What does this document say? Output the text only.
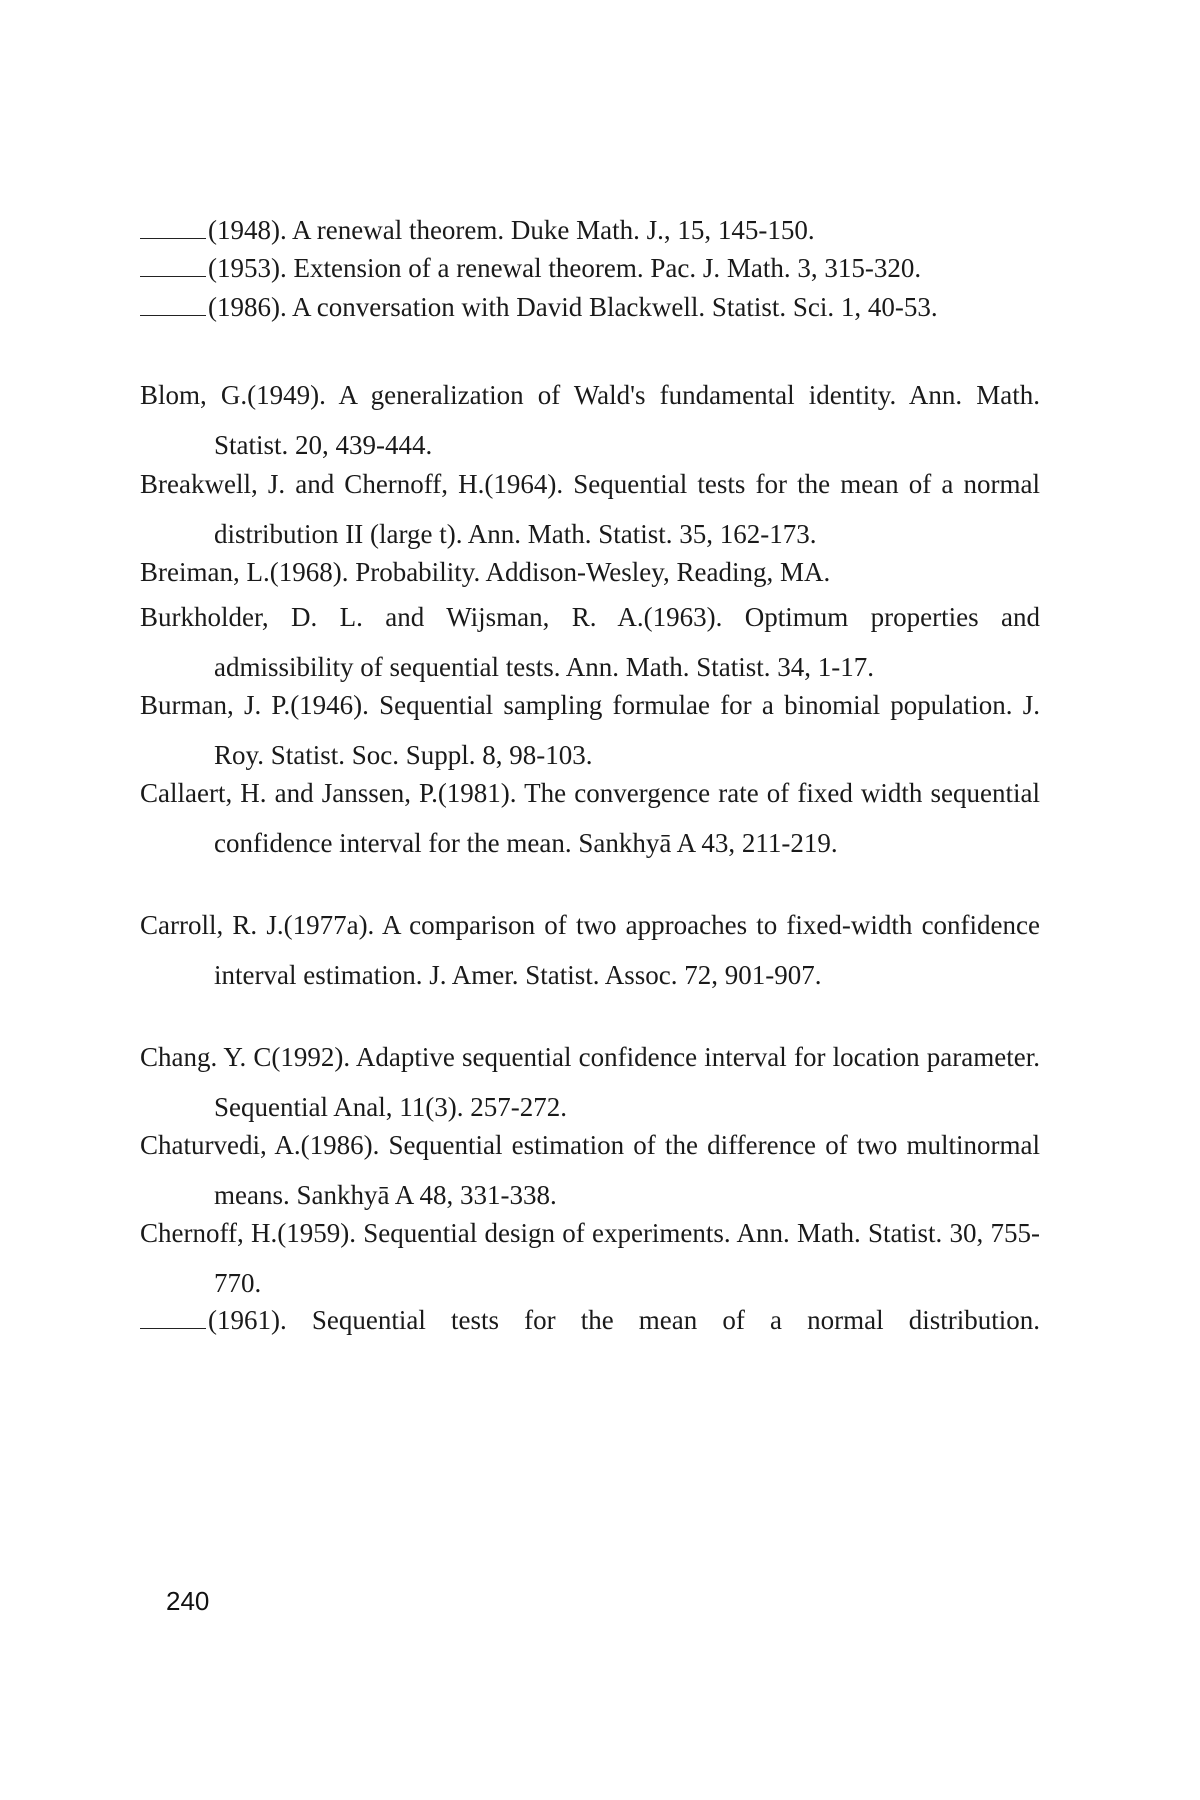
(1948). A renewal theorem. Duke Math. J., 15, 145-150.
(1953). Extension of a renewal theorem. Pac. J. Math. 3, 315-320.
(1986). A conversation with David Blackwell. Statist. Sci. 1, 40-53.
Blom, G.(1949). A generalization of Wald's fundamental identity. Ann. Math. Statist. 20, 439-444.
Breakwell, J. and Chernoff, H.(1964). Sequential tests for the mean of a normal distribution II (large t). Ann. Math. Statist. 35, 162-173.
Breiman, L.(1968). Probability. Addison-Wesley, Reading, MA.
Burkholder, D. L. and Wijsman, R. A.(1963). Optimum properties and admissibility of sequential tests. Ann. Math. Statist. 34, 1-17.
Burman, J. P.(1946). Sequential sampling formulae for a binomial population. J. Roy. Statist. Soc. Suppl. 8, 98-103.
Callaert, H. and Janssen, P.(1981). The convergence rate of fixed width sequential confidence interval for the mean. Sankhyā A 43, 211-219.
Carroll, R. J.(1977a). A comparison of two approaches to fixed-width confidence interval estimation. J. Amer. Statist. Assoc. 72, 901-907.
Chang. Y. C(1992). Adaptive sequential confidence interval for location parameter. Sequential Anal, 11(3). 257-272.
Chaturvedi, A.(1986). Sequential estimation of the difference of two multinormal means. Sankhyā A 48, 331-338.
Chernoff, H.(1959). Sequential design of experiments. Ann. Math. Statist. 30, 755-770.
(1961). Sequential tests for the mean of a normal distribution.
240
